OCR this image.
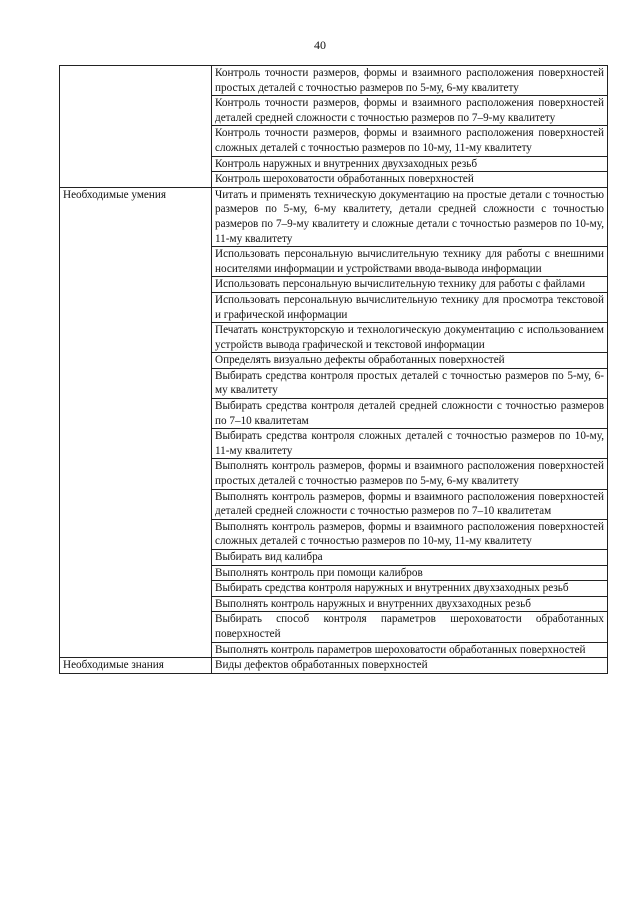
40
	Контроль точности размеров, формы и взаимного расположения поверхностей простых деталей с точностью размеров по 5-му, 6-му квалитету
	Контроль точности размеров, формы и взаимного расположения поверхностей деталей средней сложности с точностью размеров по 7–9-му квалитету
	Контроль точности размеров, формы и взаимного расположения поверхностей сложных деталей с точностью размеров по 10-му, 11-му квалитету
	Контроль наружных и внутренних двухзаходных резьб
	Контроль шероховатости обработанных поверхностей
Необходимые умения	Читать и применять техническую документацию на простые детали с точностью размеров по 5-му, 6-му квалитету, детали средней сложности с точностью размеров по 7–9-му квалитету и сложные детали с точностью размеров по 10-му, 11-му квалитету
	Использовать персональную вычислительную технику для работы с внешними носителями информации и устройствами ввода-вывода информации
	Использовать персональную вычислительную технику для работы с файлами
	Использовать персональную вычислительную технику для просмотра текстовой и графической информации
	Печатать конструкторскую и технологическую документацию с использованием устройств вывода графической и текстовой информации
	Определять визуально дефекты обработанных поверхностей
	Выбирать средства контроля простых деталей с точностью размеров по 5-му, 6-му квалитету
	Выбирать средства контроля деталей средней сложности с точностью размеров по 7–10 квалитетам
	Выбирать средства контроля сложных деталей с точностью размеров по 10-му, 11-му квалитету
	Выполнять контроль размеров, формы и взаимного расположения поверхностей простых деталей с точностью размеров по 5-му, 6-му квалитету
	Выполнять контроль размеров, формы и взаимного расположения поверхностей деталей средней сложности с точностью размеров по 7–10 квалитетам
	Выполнять контроль размеров, формы и взаимного расположения поверхностей сложных деталей с точностью размеров по 10-му, 11-му квалитету
	Выбирать вид калибра
	Выполнять контроль при помощи калибров
	Выбирать средства контроля наружных и внутренних двухзаходных резьб
	Выполнять контроль наружных и внутренних двухзаходных резьб
	Выбирать способ контроля параметров шероховатости обработанных поверхностей
	Выполнять контроль параметров шероховатости обработанных поверхностей
Необходимые знания	Виды дефектов обработанных поверхностей
